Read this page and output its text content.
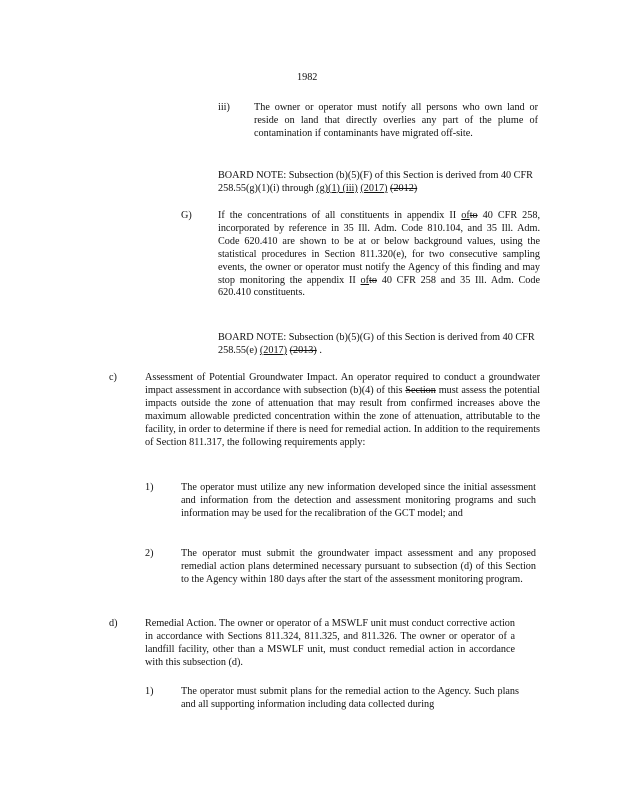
1982
iii) The owner or operator must notify all persons who own land or reside on land that directly overlies any part of the plume of contamination if contaminants have migrated off-site.
BOARD NOTE: Subsection (b)(5)(F) of this Section is derived from 40 CFR 258.55(g)(1)(i) through (g)(1) (iii) (2017) (2012)
G)	If the concentrations of all constituents in appendix II ofto 40 CFR 258, incorporated by reference in 35 Ill. Adm. Code 810.104, and 35 Ill. Adm. Code 620.410 are shown to be at or below background values, using the statistical procedures in Section 811.320(e), for two consecutive sampling events, the owner or operator must notify the Agency of this finding and may stop monitoring the appendix II ofto 40 CFR 258 and 35 Ill. Adm. Code 620.410 constituents.
BOARD NOTE: Subsection (b)(5)(G) of this Section is derived from 40 CFR 258.55(e) (2017) (2013) .
c)	Assessment of Potential Groundwater Impact. An operator required to conduct a groundwater impact assessment in accordance with subsection (b)(4) of this Section must assess the potential impacts outside the zone of attenuation that may result from confirmed increases above the maximum allowable predicted concentration within the zone of attenuation, attributable to the facility, in order to determine if there is need for remedial action. In addition to the requirements of Section 811.317, the following requirements apply:
1)	The operator must utilize any new information developed since the initial assessment and information from the detection and assessment monitoring programs and such information may be used for the recalibration of the GCT model; and
2)	The operator must submit the groundwater impact assessment and any proposed remedial action plans determined necessary pursuant to subsection (d) of this Section to the Agency within 180 days after the start of the assessment monitoring program.
d)	Remedial Action. The owner or operator of a MSWLF unit must conduct corrective action in accordance with Sections 811.324, 811.325, and 811.326. The owner or operator of a landfill facility, other than a MSWLF unit, must conduct remedial action in accordance with this subsection (d).
1)	The operator must submit plans for the remedial action to the Agency. Such plans and all supporting information including data collected during
